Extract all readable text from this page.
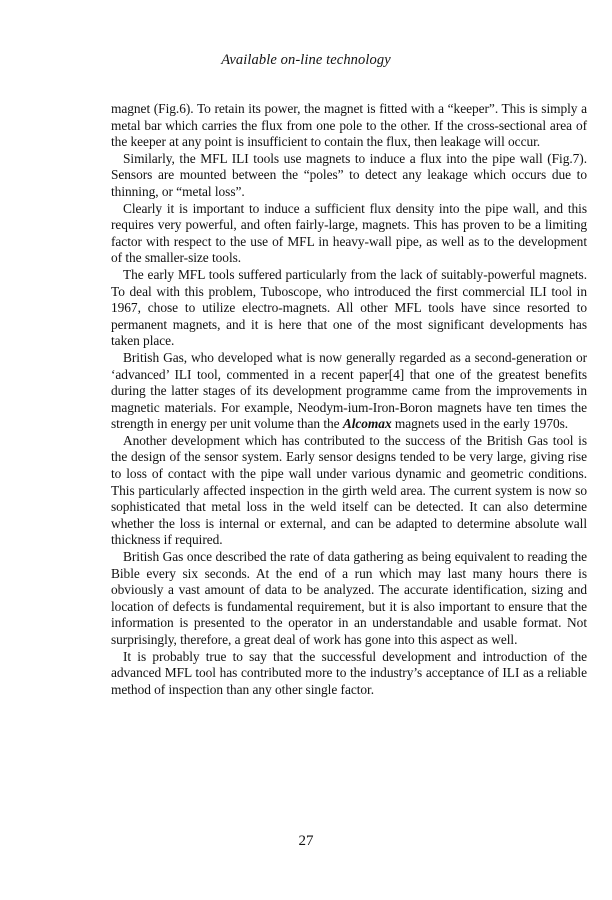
Available on-line technology

magnet (Fig.6). To retain its power, the magnet is fitted with a “keeper”. This is simply a metal bar which carries the flux from one pole to the other. If the cross-sectional area of the keeper at any point is insufficient to contain the flux, then leakage will occur.

Similarly, the MFL ILI tools use magnets to induce a flux into the pipe wall (Fig.7). Sensors are mounted between the “poles” to detect any leakage which occurs due to thinning, or “metal loss”.

Clearly it is important to induce a sufficient flux density into the pipe wall, and this requires very powerful, and often fairly-large, magnets. This has proven to be a limiting factor with respect to the use of MFL in heavy-wall pipe, as well as to the development of the smaller-size tools.

The early MFL tools suffered particularly from the lack of suitably-powerful magnets. To deal with this problem, Tuboscope, who introduced the first commercial ILI tool in 1967, chose to utilize electro-magnets. All other MFL tools have since resorted to permanent magnets, and it is here that one of the most significant developments has taken place.

British Gas, who developed what is now generally regarded as a second-generation or ‘advanced’ ILI tool, commented in a recent paper[4] that one of the greatest benefits during the latter stages of its development programme came from the improvements in magnetic materials. For example, Neodym-ium-Iron-Boron magnets have ten times the strength in energy per unit volume than the Alcomax magnets used in the early 1970s.

Another development which has contributed to the success of the British Gas tool is the design of the sensor system. Early sensor designs tended to be very large, giving rise to loss of contact with the pipe wall under various dynamic and geometric conditions. This particularly affected inspection in the girth weld area. The current system is now so sophisticated that metal loss in the weld itself can be detected. It can also determine whether the loss is internal or external, and can be adapted to determine absolute wall thickness if required.

British Gas once described the rate of data gathering as being equivalent to reading the Bible every six seconds. At the end of a run which may last many hours there is obviously a vast amount of data to be analyzed. The accurate identification, sizing and location of defects is fundamental requirement, but it is also important to ensure that the information is presented to the operator in an understandable and usable format. Not surprisingly, therefore, a great deal of work has gone into this aspect as well.

It is probably true to say that the successful development and introduction of the advanced MFL tool has contributed more to the industry’s acceptance of ILI as a reliable method of inspection than any other single factor.

27
